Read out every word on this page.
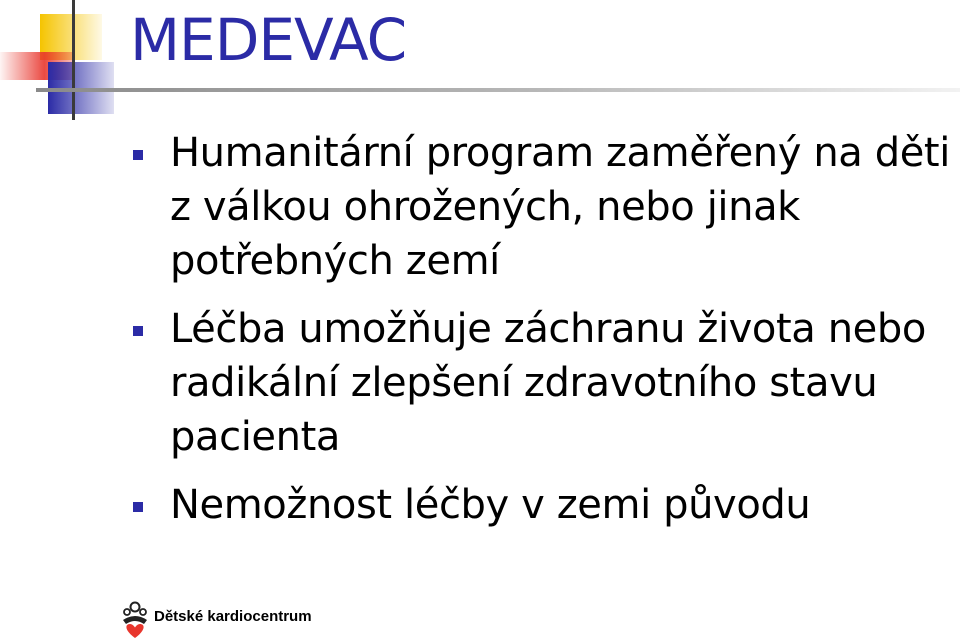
MEDEVAC
Humanitární program zaměřený na děti
z válkou ohrožených, nebo jinak
potřebných zemí
Léčba umožňuje záchranu života nebo
radikální zlepšení zdravotního stavu
pacienta
Nemožnost léčby v zemi původu
Dětské kardiocentrum
